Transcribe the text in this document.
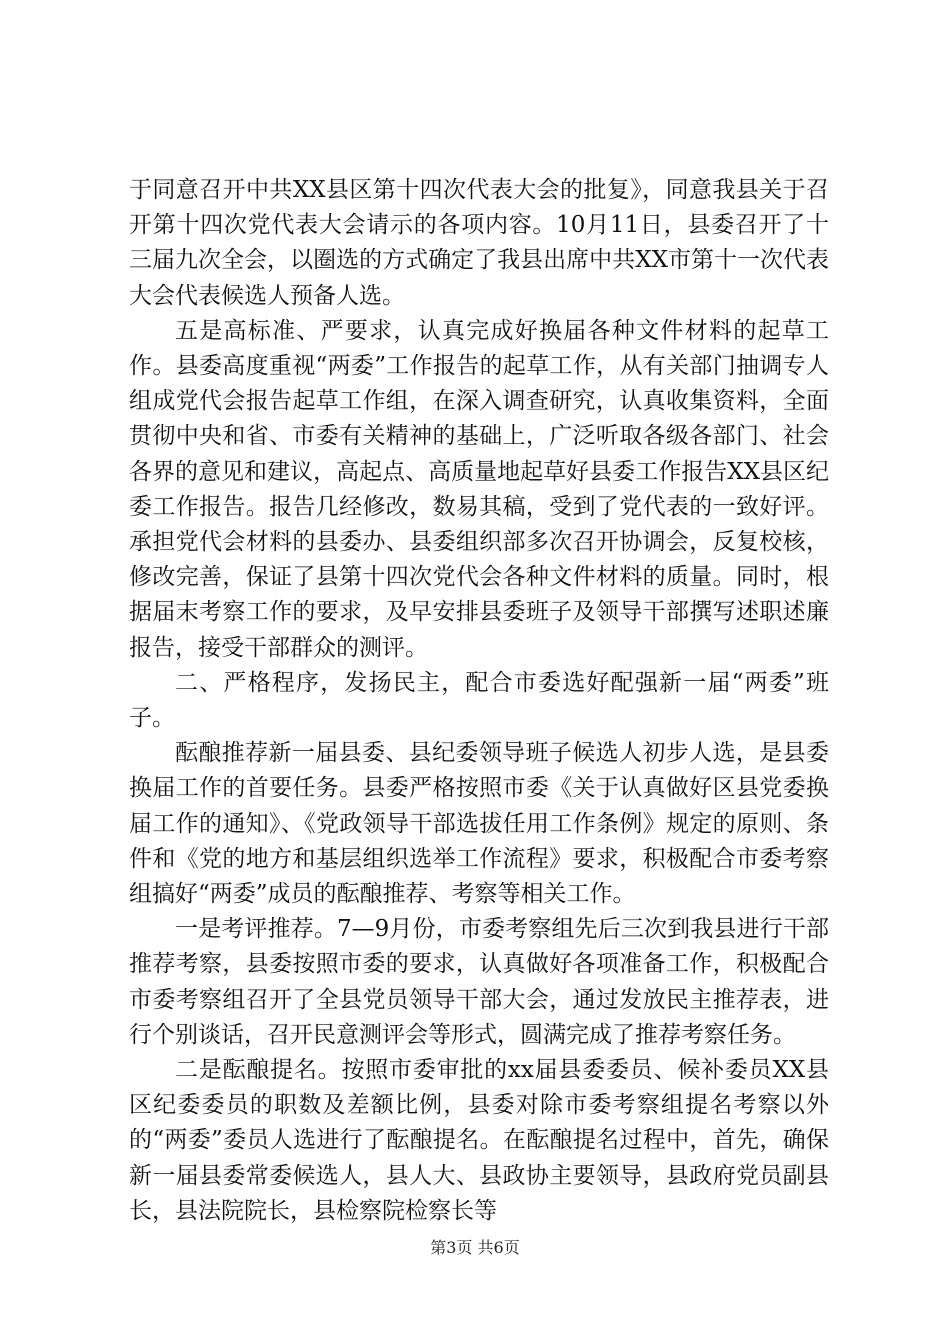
于同意召开中共XX县区第十四次代表大会的批复》，同意我县关于召开第十四次党代表大会请示的各项内容。10月11日，县委召开了十三届九次全会，以圈选的方式确定了我县出席中共XX市第十一次代表大会代表候选人预备人选。

五是高标准、严要求，认真完成好换届各种文件材料的起草工作。县委高度重视“两委”工作报告的起草工作，从有关部门抽调专人组成党代会报告起草工作组，在深入调查研究，认真收集资料，全面贯彻中央和省、市委有关精神的基础上，广泛听取各级各部门、社会各界的意见和建议，高起点、高质量地起草好县委工作报告XX县区纪委工作报告。报告几经修改，数易其稿，受到了党代表的一致好评。承担党代会材料的县委办、县委组织部多次召开协调会，反复校核，修改完善，保证了县第十四次党代会各种文件材料的质量。同时，根据届末考察工作的要求，及早安排县委班子及领导干部撰写述职述廉报告，接受干部群众的测评。

二、严格程序，发扬民主，配合市委选好配强新一届“两委”班子。

酝酿推荐新一届县委、县纪委领导班子候选人初步人选，是县委换届工作的首要任务。县委严格按照市委《关于认真做好区县党委换届工作的通知》、《党政领导干部选拔任用工作条例》规定的原则、条件和《党的地方和基层组织选举工作流程》要求，积极配合市委考察组搞好“两委”成员的酝酿推荐、考察等相关工作。

一是考评推荐。7—9月份，市委考察组先后三次到我县进行干部推荐考察，县委按照市委的要求，认真做好各项准备工作，积极配合市委考察组召开了全县党员领导干部大会，通过发放民主推荐表，进行个别谈话，召开民意测评会等形式，圆满完成了推荐考察任务。

二是酝酿提名。按照市委审批的xx届县委委员、候补委员XX县区纪委委员的职数及差额比例，县委对除市委考察组提名考察以外的“两委”委员人选进行了酝酿提名。在酝酿提名过程中，首先，确保新一届县委常委候选人，县人大、县政协主要领导，县政府党员副县长，县法院院长，县检察院检察长等

第3页 共6页
